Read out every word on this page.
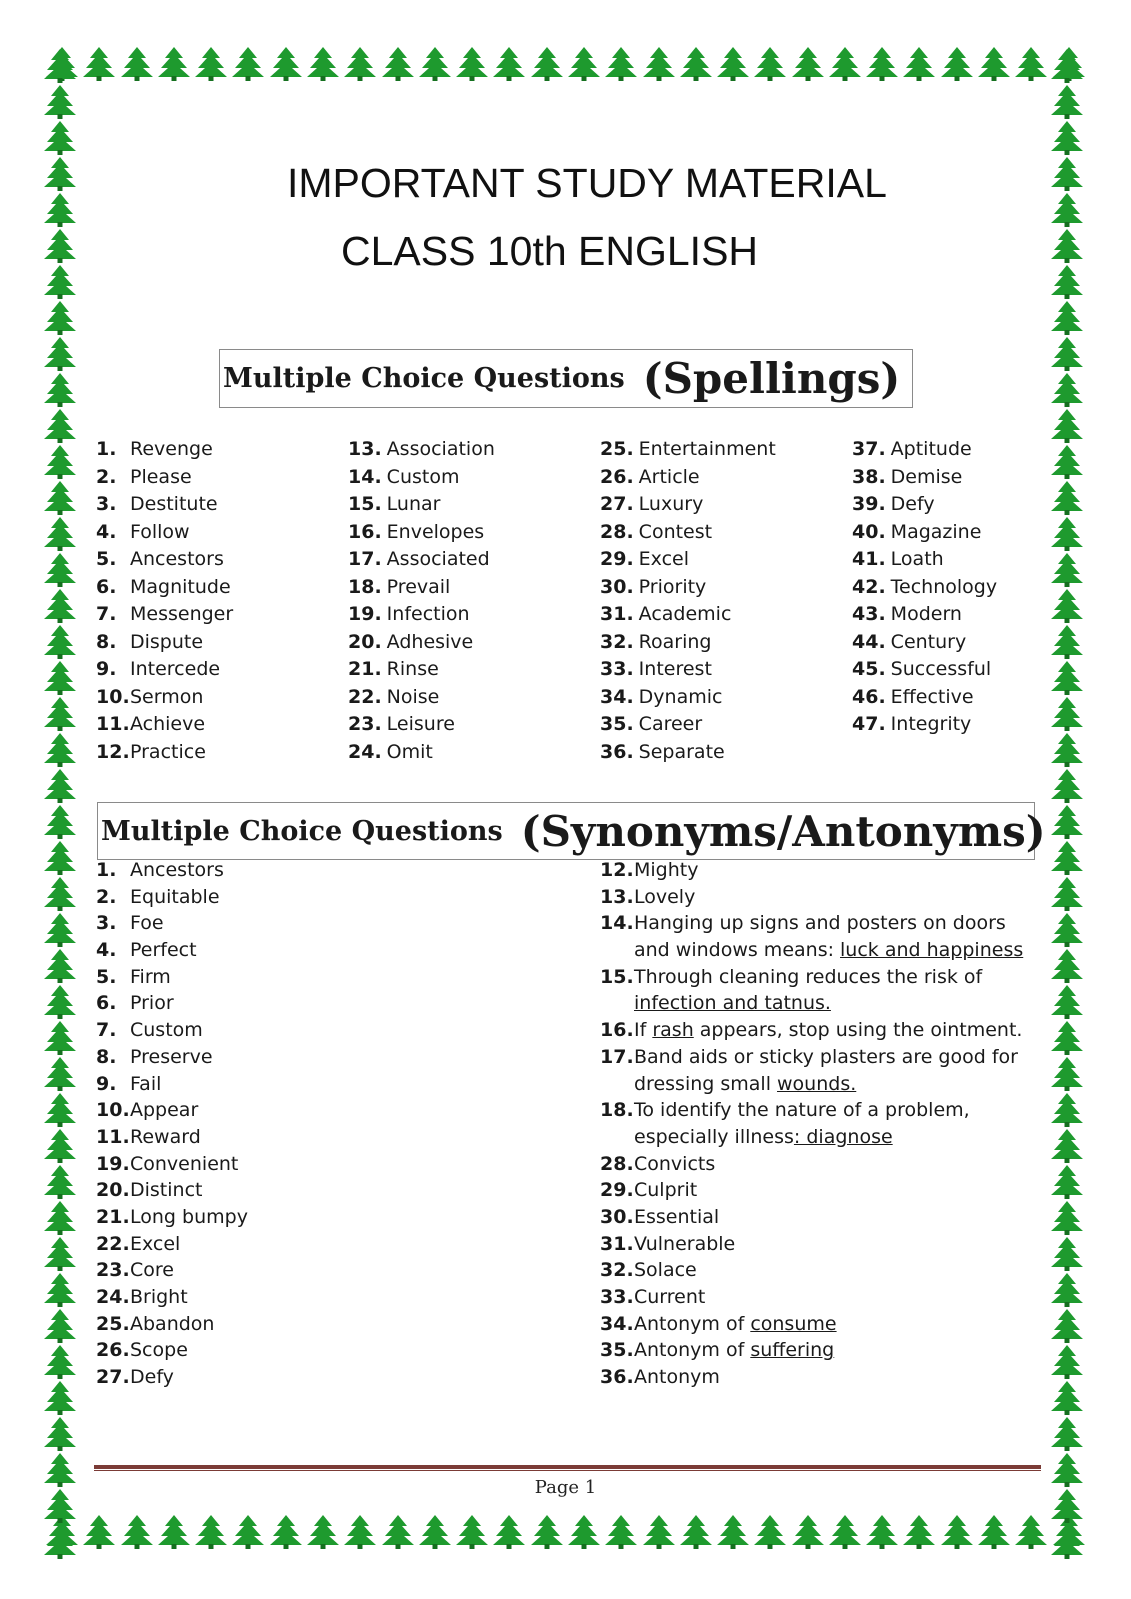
IMPORTANT STUDY MATERIAL
CLASS 10th ENGLISH
Multiple Choice Questions (Spellings)
1. Revenge
2. Please
3. Destitute
4. Follow
5. Ancestors
6. Magnitude
7. Messenger
8. Dispute
9. Intercede
10.Sermon
11.Achieve
12.Practice
13. Association
14. Custom
15. Lunar
16. Envelopes
17. Associated
18. Prevail
19. Infection
20. Adhesive
21. Rinse
22. Noise
23. Leisure
24. Omit
25. Entertainment
26. Article
27. Luxury
28. Contest
29. Excel
30. Priority
31. Academic
32. Roaring
33. Interest
34. Dynamic
35. Career
36. Separate
37. Aptitude
38. Demise
39. Defy
40. Magazine
41. Loath
42. Technology
43. Modern
44. Century
45. Successful
46. Effective
47. Integrity
Multiple Choice Questions (Synonyms/Antonyms)
1. Ancestors
2. Equitable
3. Foe
4. Perfect
5. Firm
6. Prior
7. Custom
8. Preserve
9. Fail
10.Appear
11.Reward
19.Convenient
20.Distinct
21.Long bumpy
22.Excel
23.Core
24.Bright
25.Abandon
26.Scope
27.Defy
12.Mighty
13.Lovely
14.Hanging up signs and posters on doors and windows means: luck and happiness
15.Through cleaning reduces the risk of infection and tatnus.
16.If rash appears, stop using the ointment.
17.Band aids or sticky plasters are good for dressing small wounds.
18.To identify the nature of a problem, especially illness: diagnose
28.Convicts
29.Culprit
30.Essential
31.Vulnerable
32.Solace
33.Current
34.Antonym of consume
35.Antonym of suffering
36.Antonym
Page 1
